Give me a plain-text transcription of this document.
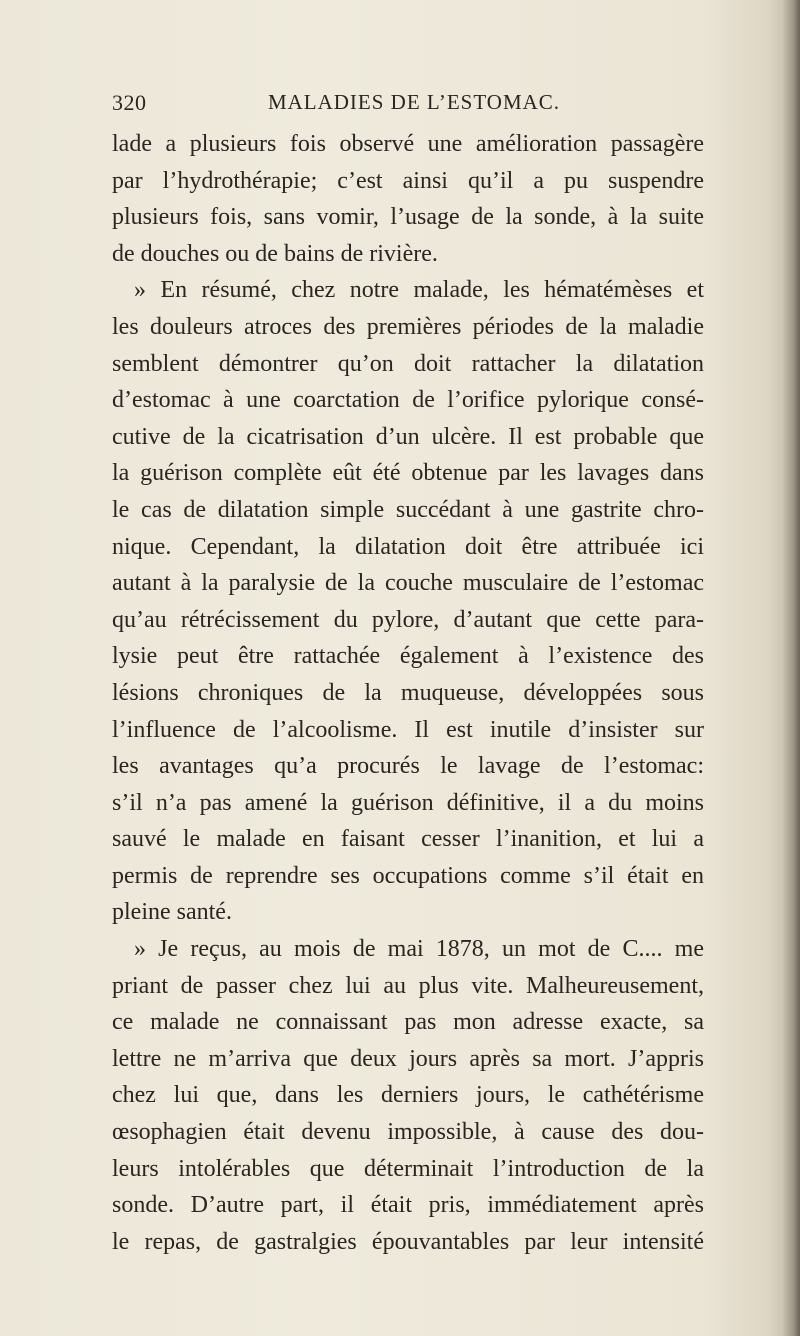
320	MALADIES DE L’ESTOMAC.
lade a plusieurs fois observé une amélioration passagère
par l’hydrothérapie; c’est ainsi qu’il a pu suspendre
plusieurs fois, sans vomir, l’usage de la sonde, à la suite
de douches ou de bains de rivière.
» En résumé, chez notre malade, les hématémèses et
les douleurs atroces des premières périodes de la maladie
semblent démontrer qu’on doit rattacher la dilatation
d’estomac à une coarctation de l’orifice pylorique consé-
cutive de la cicatrisation d’un ulcère. Il est probable que
la guérison complète eût été obtenue par les lavages dans
le cas de dilatation simple succédant à une gastrite chro-
nique. Cependant, la dilatation doit être attribuée ici
autant à la paralysie de la couche musculaire de l’estomac
qu’au rétrécissement du pylore, d’autant que cette para-
lysie peut être rattachée également à l’existence des
lésions chroniques de la muqueuse, développées sous
l’influence de l’alcoolisme. Il est inutile d’insister sur
les avantages qu’a procurés le lavage de l’estomac:
s’il n’a pas amené la guérison définitive, il a du moins
sauvé le malade en faisant cesser l’inanition, et lui a
permis de reprendre ses occupations comme s’il était en
pleine santé.
» Je reçus, au mois de mai 1878, un mot de C.... me
priant de passer chez lui au plus vite. Malheureusement,
ce malade ne connaissant pas mon adresse exacte, sa
lettre ne m’arriva que deux jours après sa mort. J’appris
chez lui que, dans les derniers jours, le cathétérisme
œsophagien était devenu impossible, à cause des dou-
leurs intolérables que déterminait l’introduction de la
sonde. D’autre part, il était pris, immédiatement après
le repas, de gastralgies épouvantables par leur intensité
